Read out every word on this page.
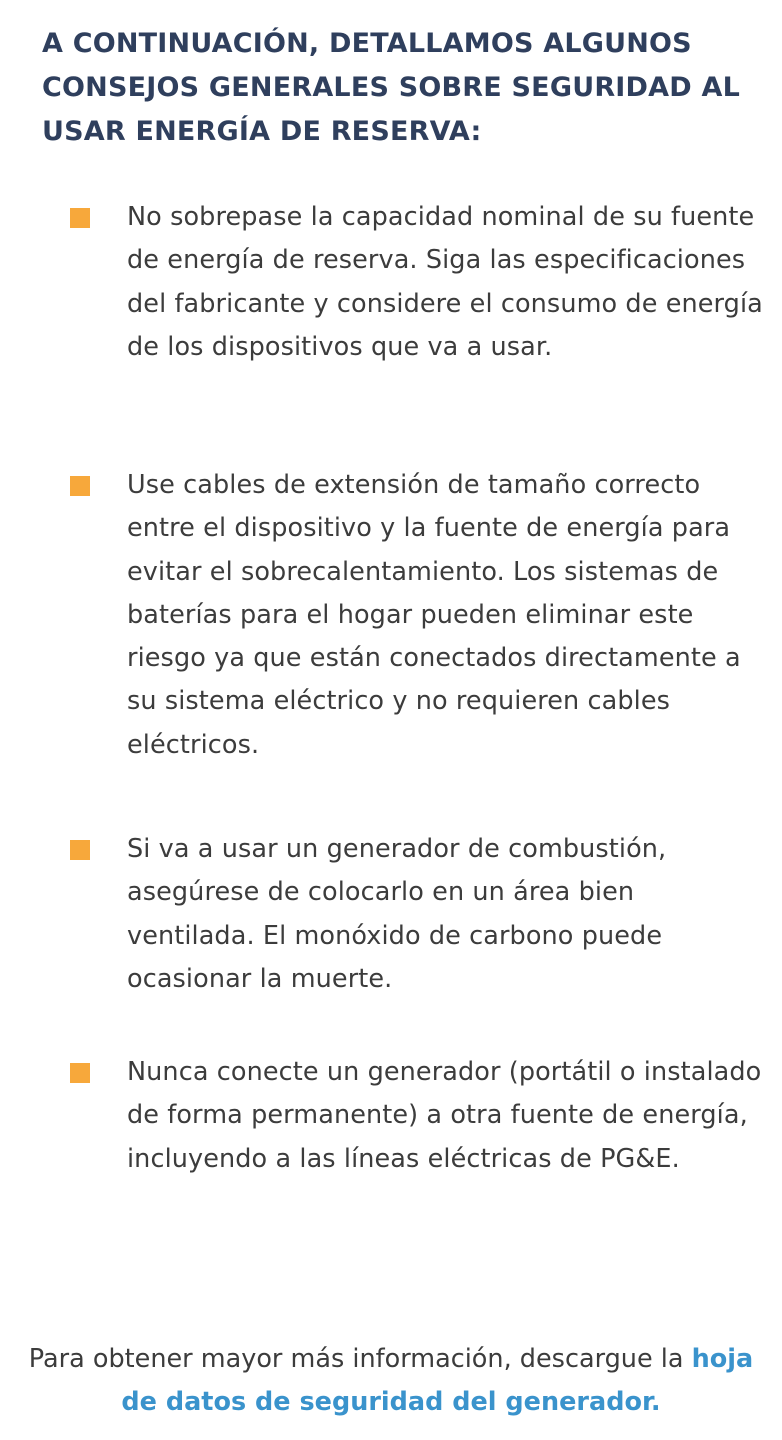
A CONTINUACIÓN, DETALLAMOS ALGUNOS CONSEJOS GENERALES SOBRE SEGURIDAD AL USAR ENERGÍA DE RESERVA:

No sobrepase la capacidad nominal de su fuente de energía de reserva. Siga las especificaciones del fabricante y considere el consumo de energía de los dispositivos que va a usar.

Use cables de extensión de tamaño correcto entre el dispositivo y la fuente de energía para evitar el sobrecalentamiento. Los sistemas de baterías para el hogar pueden eliminar este riesgo ya que están conectados directamente a su sistema eléctrico y no requieren cables eléctricos.

Si va a usar un generador de combustión, asegúrese de colocarlo en un área bien ventilada. El monóxido de carbono puede ocasionar la muerte.

Nunca conecte un generador (portátil o instalado de forma permanente) a otra fuente de energía, incluyendo a las líneas eléctricas de PG&E.

Para obtener mayor más información, descargue la hoja de datos de seguridad del generador.
